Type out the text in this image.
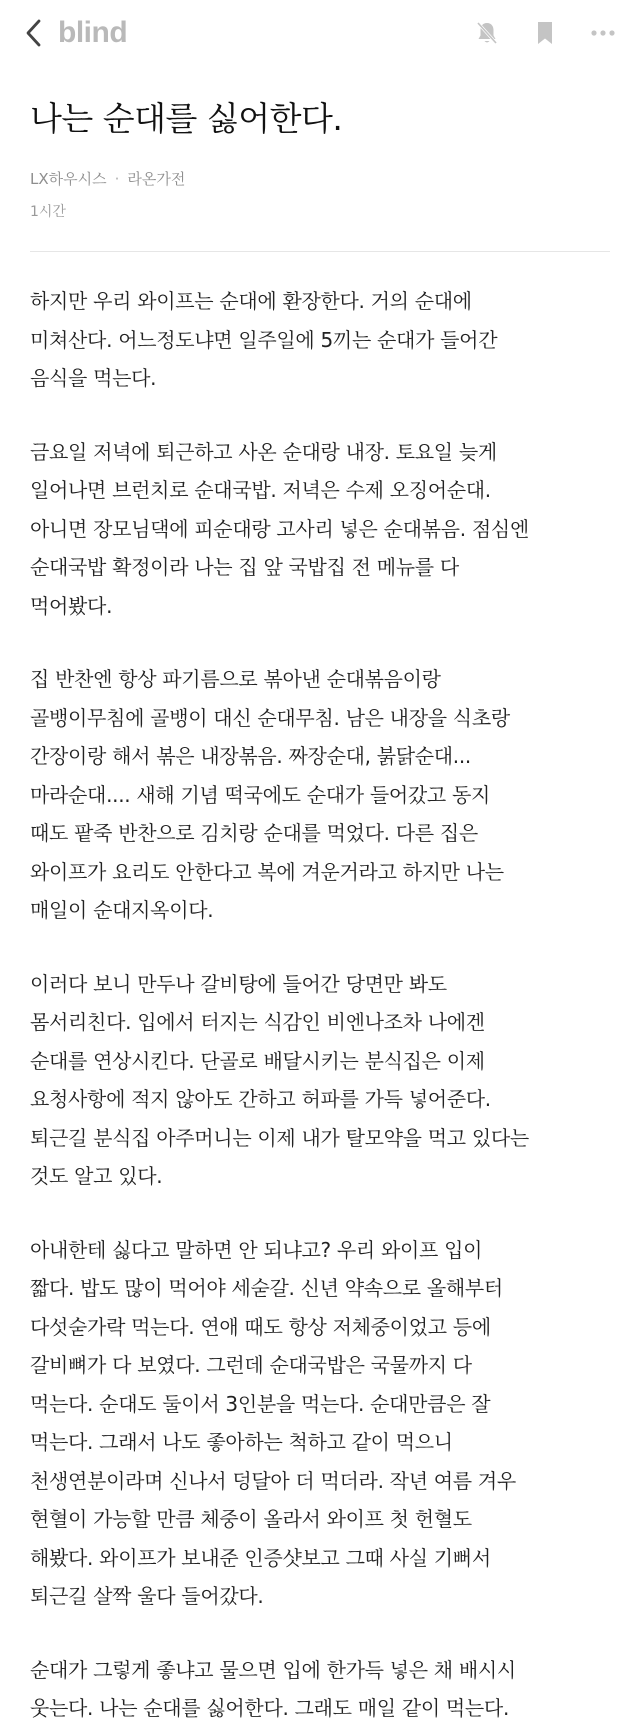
blind
나는 순대를 싫어한다.
LX하우시스 · 라온가전
1시간

하지만 우리 와이프는 순대에 환장한다. 거의 순대에
미쳐산다. 어느정도냐면 일주일에 5끼는 순대가 들어간
음식을 먹는다.

금요일 저녁에 퇴근하고 사온 순대랑 내장. 토요일 늦게
일어나면 브런치로 순대국밥. 저녁은 수제 오징어순대.
아니면 장모님댁에 피순대랑 고사리 넣은 순대볶음. 점심엔
순대국밥 확정이라 나는 집 앞 국밥집 전 메뉴를 다
먹어봤다.

집 반찬엔 항상 파기름으로 볶아낸 순대볶음이랑
골뱅이무침에 골뱅이 대신 순대무침. 남은 내장을 식초랑
간장이랑 해서 볶은 내장볶음. 짜장순대, 붉닭순대...
마라순대.... 새해 기념 떡국에도 순대가 들어갔고 동지
때도 팥죽 반찬으로 김치랑 순대를 먹었다. 다른 집은
와이프가 요리도 안한다고 복에 겨운거라고 하지만 나는
매일이 순대지옥이다.

이러다 보니 만두나 갈비탕에 들어간 당면만 봐도
몸서리친다. 입에서 터지는 식감인 비엔나조차 나에겐
순대를 연상시킨다. 단골로 배달시키는 분식집은 이제
요청사항에 적지 않아도 간하고 허파를 가득 넣어준다.
퇴근길 분식집 아주머니는 이제 내가 탈모약을 먹고 있다는
것도 알고 있다.

아내한테 싫다고 말하면 안 되냐고? 우리 와이프 입이
짧다. 밥도 많이 먹어야 세숟갈. 신년 약속으로 올해부터
다섯숟가락 먹는다. 연애 때도 항상 저체중이었고 등에
갈비뼈가 다 보였다. 그런데 순대국밥은 국물까지 다
먹는다. 순대도 둘이서 3인분을 먹는다. 순대만큼은 잘
먹는다. 그래서 나도 좋아하는 척하고 같이 먹으니
천생연분이라며 신나서 덩달아 더 먹더라. 작년 여름 겨우
현혈이 가능할 만큼 체중이 올라서 와이프 첫 헌혈도
해봤다. 와이프가 보내준 인증샷보고 그때 사실 기뻐서
퇴근길 살짝 울다 들어갔다.

순대가 그렇게 좋냐고 물으면 입에 한가득 넣은 채 배시시
웃는다. 나는 순대를 싫어한다. 그래도 매일 같이 먹는다.
